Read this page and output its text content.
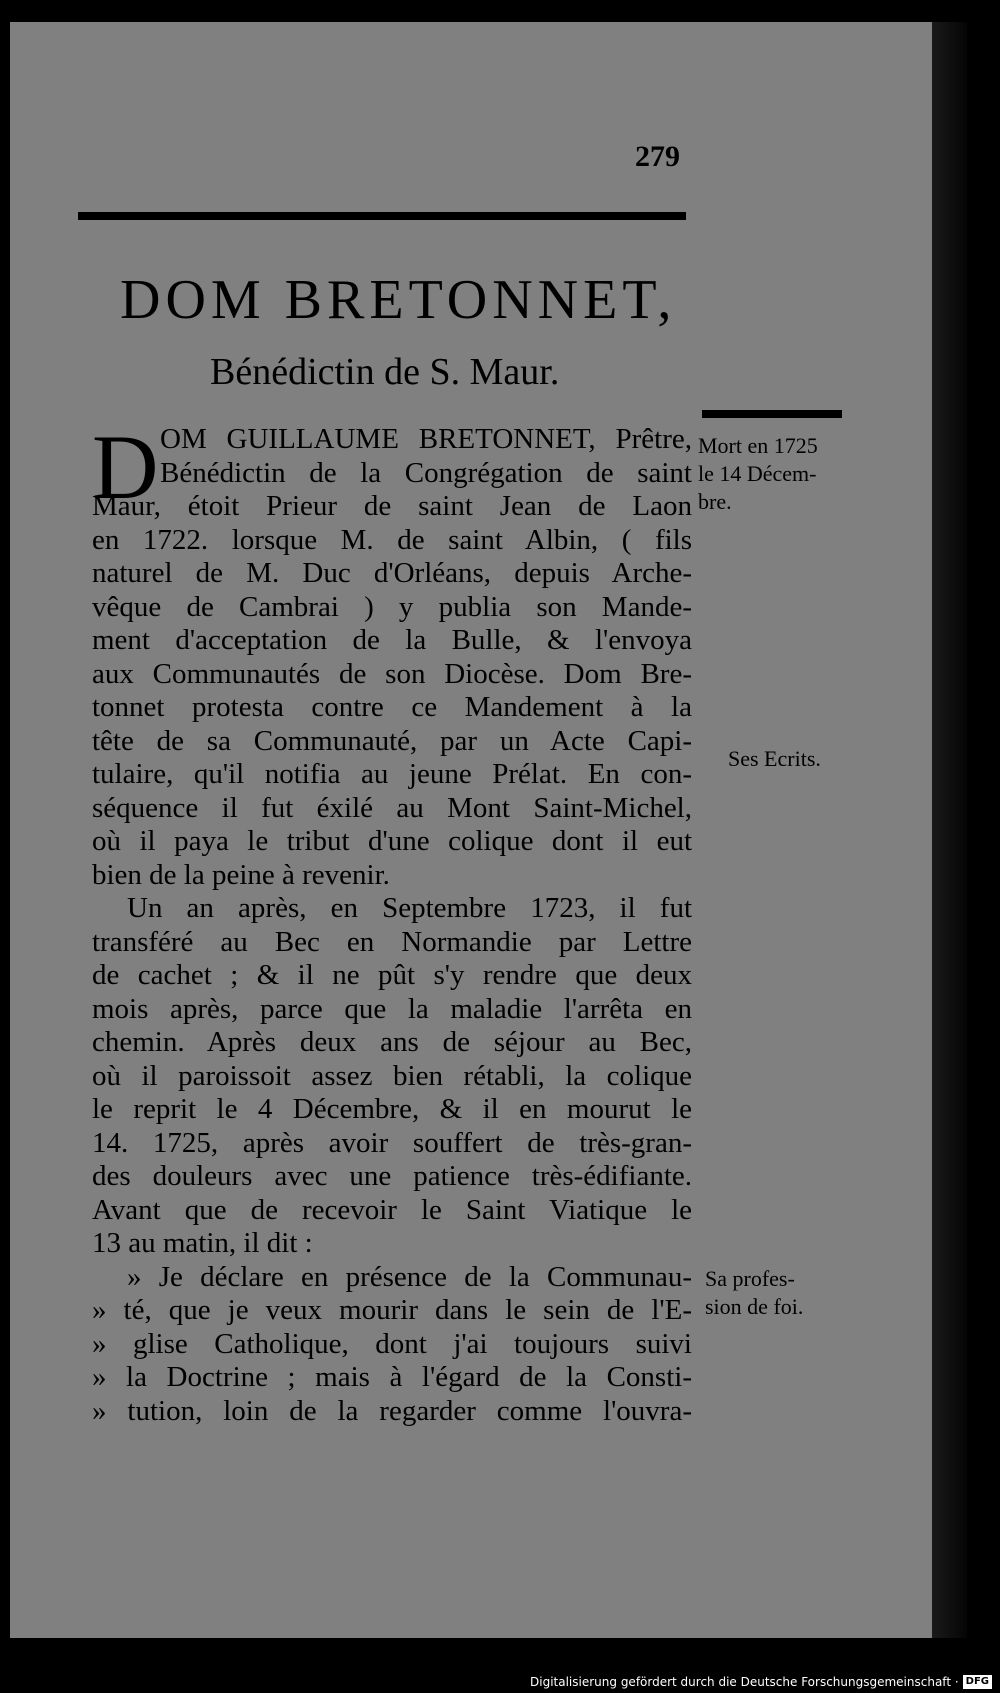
279
DOM BRETONNET,
Bénédictin de S. Maur.
D OM GUILLAUME BRETONNET, Prêtre,
Bénédictin de la Congrégation de saint
Maur, étoit Prieur de saint Jean de Laon
en 1722. lorsque M. de saint Albin, ( fils
naturel de M. Duc d'Orléans, depuis Arche-
vêque de Cambrai ) y publia son Mande-
ment d'acceptation de la Bulle, & l'envoya
aux Communautés de son Diocèse. Dom Bre-
tonnet protesta contre ce Mandement à la
tête de sa Communauté, par un Acte Capi-
tulaire, qu'il notifia au jeune Prélat. En con-
séquence il fut éxilé au Mont Saint-Michel,
où il paya le tribut d'une colique dont il eut
bien de la peine à revenir.
Un an après, en Septembre 1723, il fut
transféré au Bec en Normandie par Lettre
de cachet ; & il ne pût s'y rendre que deux
mois après, parce que la maladie l'arrêta en
chemin. Après deux ans de séjour au Bec,
où il paroissoit assez bien rétabli, la colique
le reprit le 4 Décembre, & il en mourut le
14. 1725, après avoir souffert de très-gran-
des douleurs avec une patience très-édifiante.
Avant que de recevoir le Saint Viatique le
13 au matin, il dit :
» Je déclare en présence de la Communau-
» té, que je veux mourir dans le sein de l'E-
» glise Catholique, dont j'ai toujours suivi
» la Doctrine ; mais à l'égard de la Consti-
» tution, loin de la regarder comme l'ouvra-
Mort en 1725
le 14 Décem-
bre.
Ses Ecrits.
Sa profes-
sion de foi.
Digitalisierung gefördert durch die Deutsche Forschungsgemeinschaft · DFG
